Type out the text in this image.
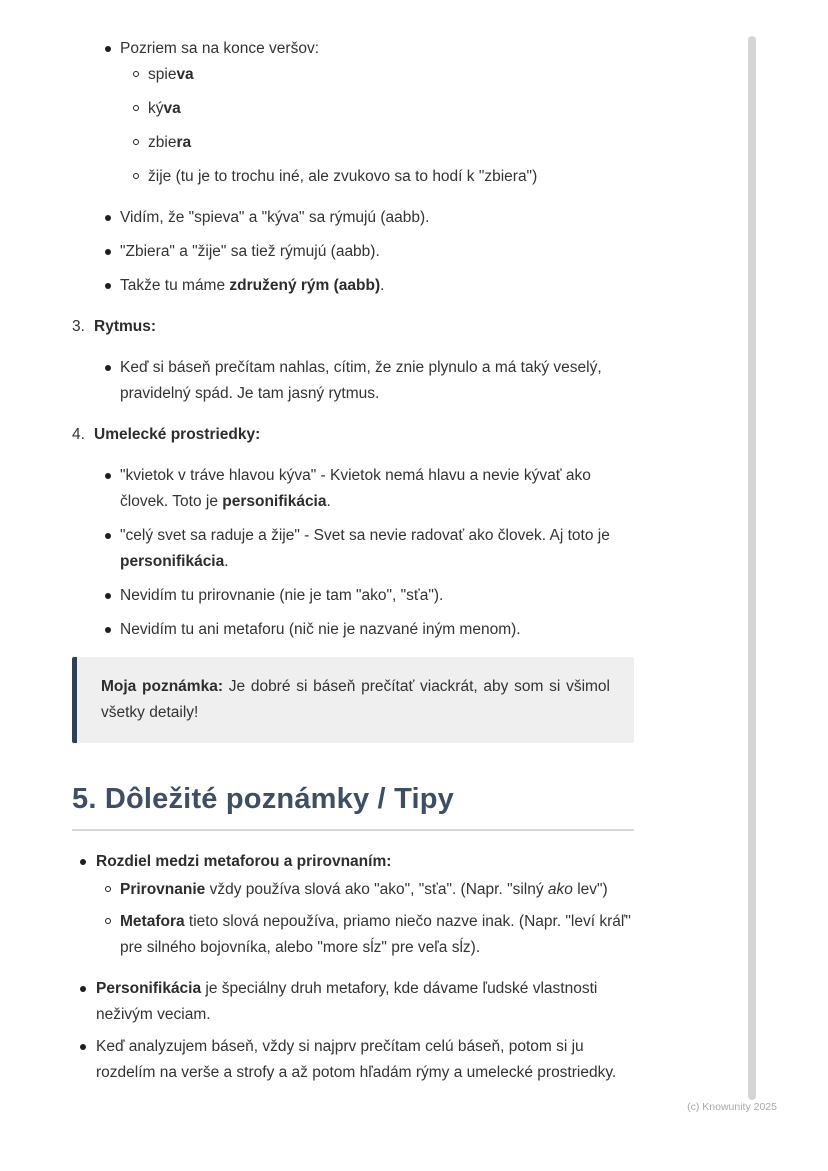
Pozriem sa na konce veršov:
spieva
kýva
zbiera
žije (tu je to trochu iné, ale zvukovo sa to hodí k "zbiera")
Vidím, že "spieva" a "kýva" sa rýmujú (aabb).
"Zbiera" a "žije" sa tiež rýmujú (aabb).
Takže tu máme združený rým (aabb).
3. Rytmus:
Keď si báseň prečítam nahlas, cítim, že znie plynulo a má taký veselý, pravidelný spád. Je tam jasný rytmus.
4. Umelecké prostriedky:
"kvietok v tráve hlavou kýva" - Kvietok nemá hlavu a nevie kývať ako človek. Toto je personifikácia.
"celý svet sa raduje a žije" - Svet sa nevie radovať ako človek. Aj toto je personifikácia.
Nevidím tu prirovnanie (nie je tam "ako", "sťa").
Nevidím tu ani metaforu (nič nie je nazvané iným menom).
Moja poznámka: Je dobré si báseň prečítať viackrát, aby som si všimol všetky detaily!
5. Dôležité poznámky / Tipy
Rozdiel medzi metaforou a prirovnaním:
Prirovnanie vždy používa slová ako "ako", "sťa". (Napr. "silný ako lev")
Metafora tieto slová nepoužíva, priamo niečo nazve inak. (Napr. "leví kráľ" pre silného bojovníka, alebo "more sĺz" pre veľa sĺz).
Personifikácia je špeciálny druh metafory, kde dávame ľudské vlastnosti neživým veciam.
Keď analyzujem báseň, vždy si najprv prečítam celú báseň, potom si ju rozdelím na verše a strofy a až potom hľadám rýmy a umelecké prostriedky.
(c) Knowunity 2025
